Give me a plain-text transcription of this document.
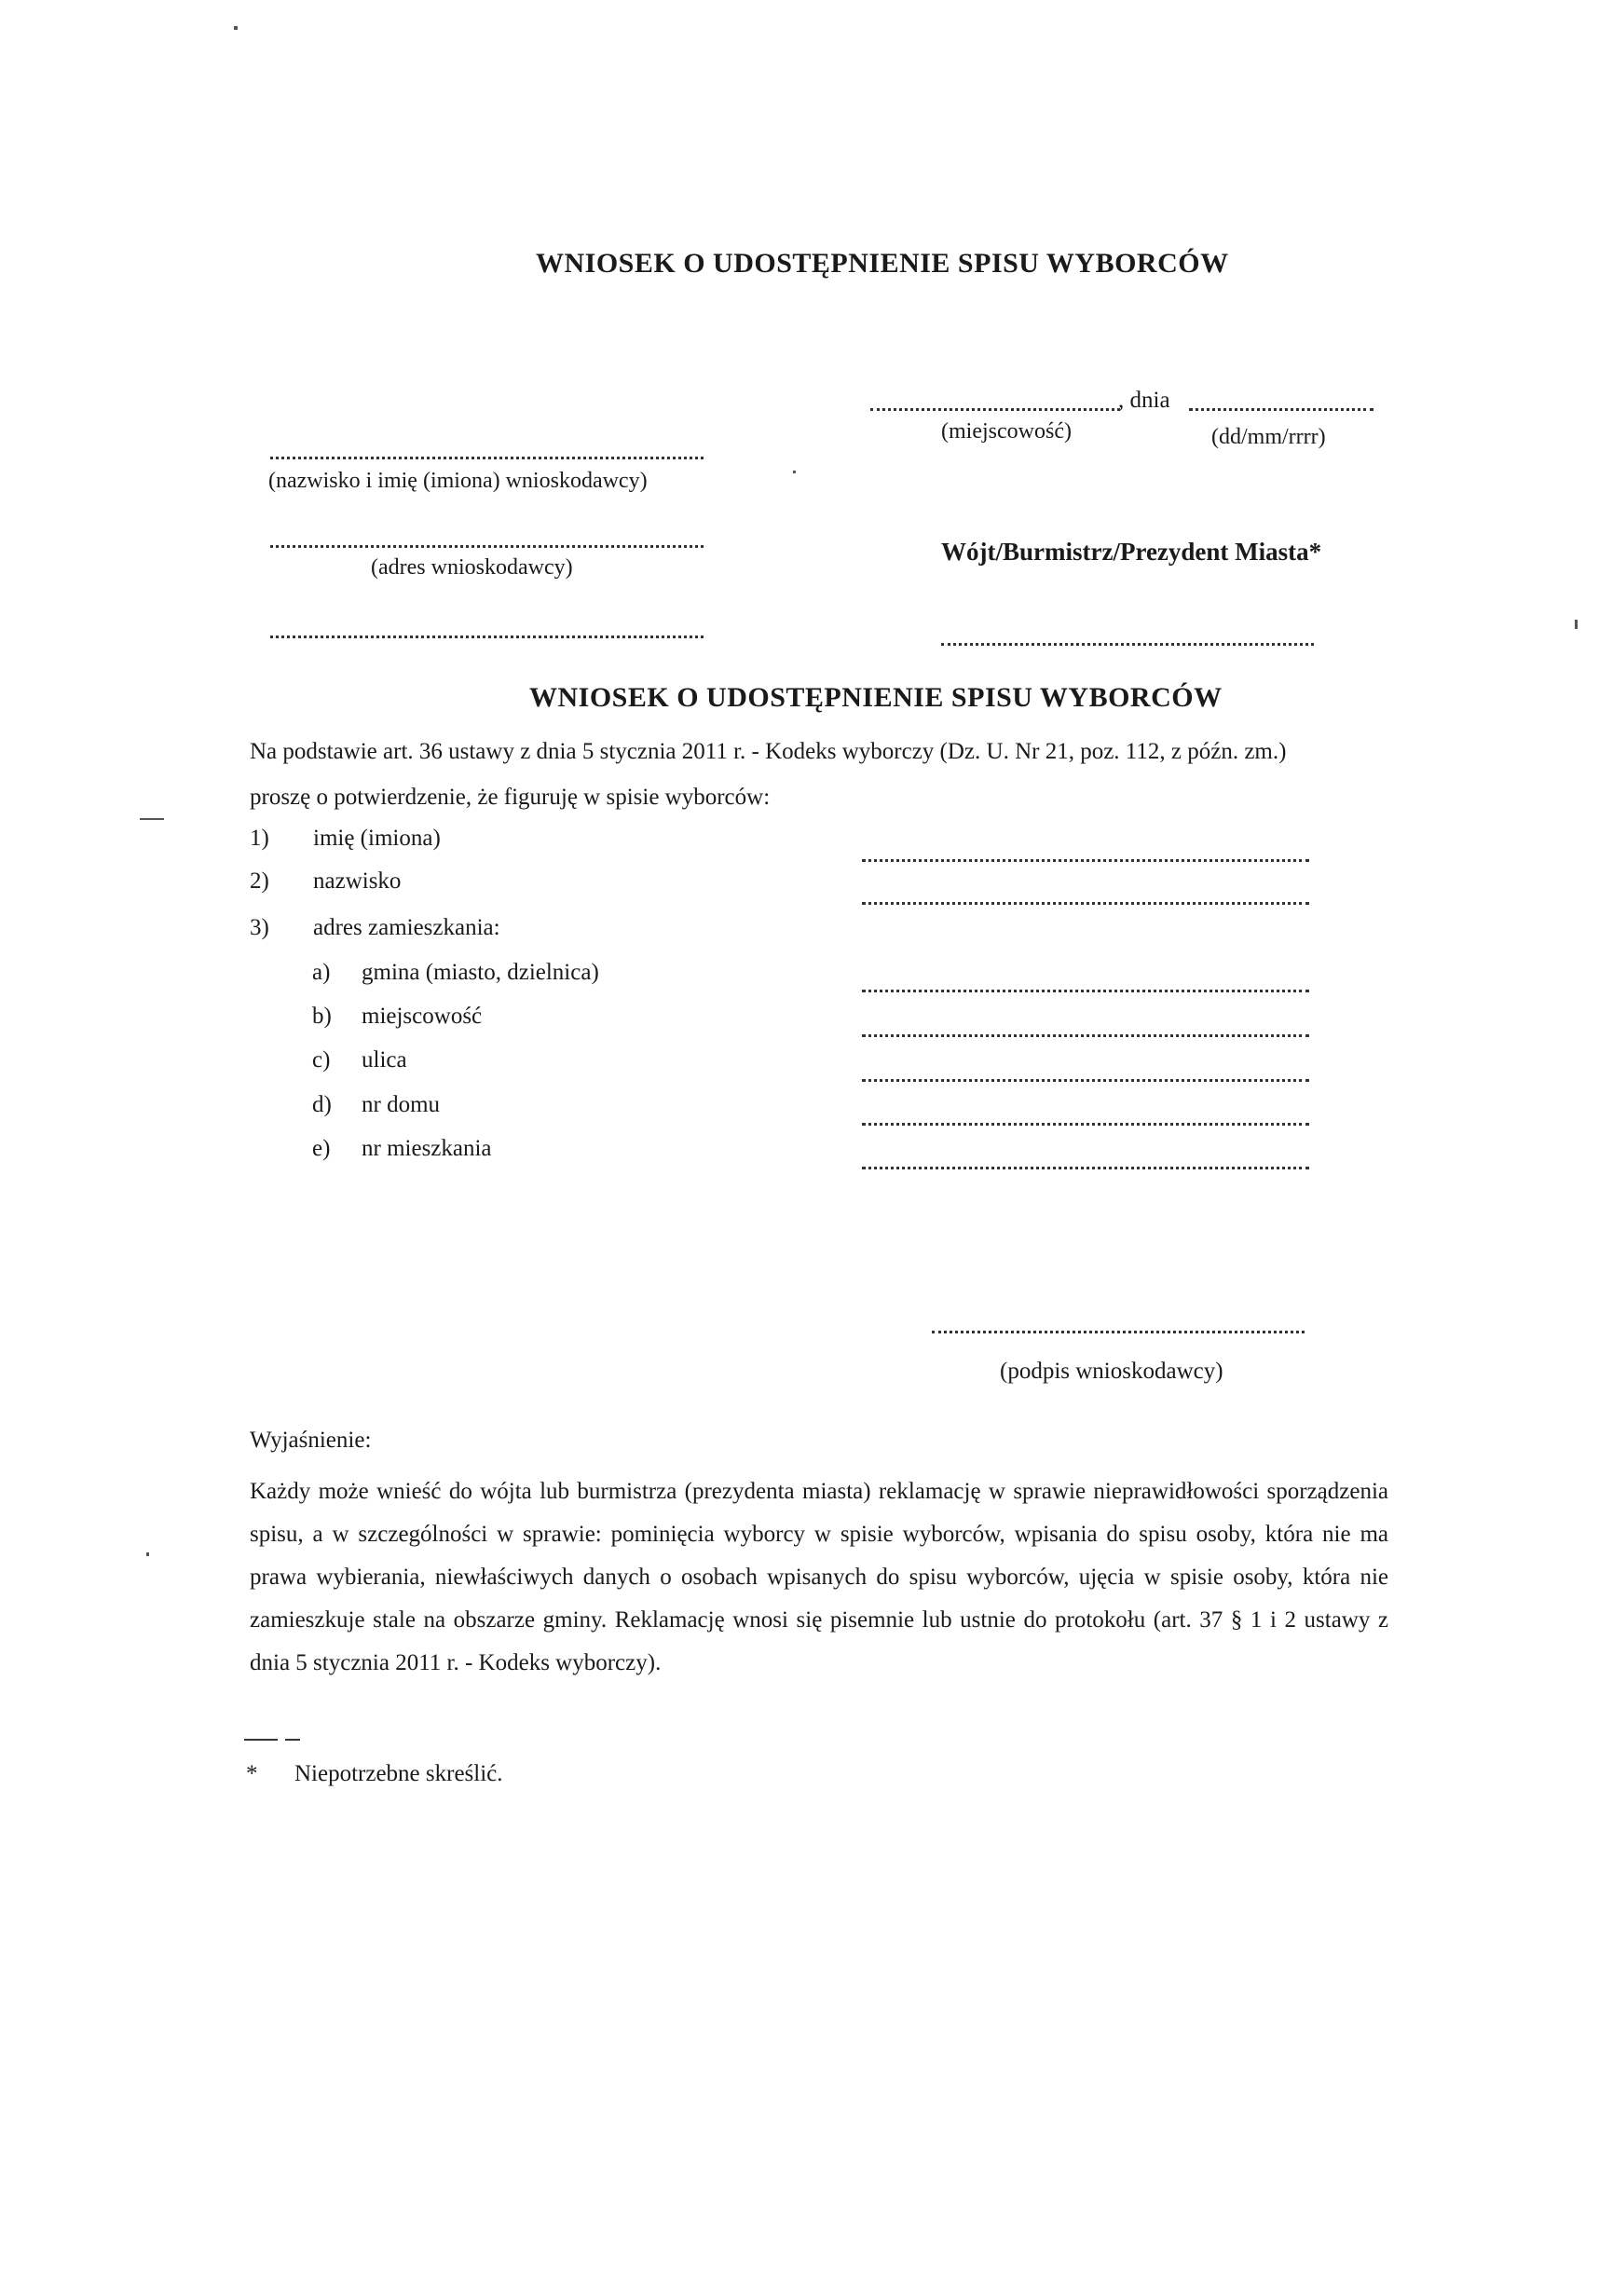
WNIOSEK O UDOSTĘPNIENIE SPISU WYBORCÓW
, dnia
(miejscowość)	(dd/mm/rrrr)
(nazwisko i imię (imiona) wnioskodawcy)
(adres wnioskodawcy)
Wójt/Burmistrz/Prezydent Miasta*
WNIOSEK O UDOSTĘPNIENIE SPISU WYBORCÓW
Na podstawie art. 36 ustawy z dnia 5 stycznia 2011 r. - Kodeks wyborczy (Dz. U. Nr 21, poz. 112, z późn. zm.)
proszę o potwierdzenie, że figuruję w spisie wyborców:
1) imię (imiona)
2) nazwisko
3) adres zamieszkania:
a) gmina (miasto, dzielnica)
b) miejscowość
c) ulica
d) nr domu
e) nr mieszkania
(podpis wnioskodawcy)
Wyjaśnienie:

Każdy może wnieść do wójta lub burmistrza (prezydenta miasta) reklamację w sprawie nieprawidłowości sporządzenia spisu, a w szczególności w sprawie: pominięcia wyborcy w spisie wyborców, wpisania do spisu osoby, która nie ma prawa wybierania, niewłaściwych danych o osobach wpisanych do spisu wyborców, ujęcia w spisie osoby, która nie zamieszkuje stale na obszarze gminy. Reklamację wnosi się pisemnie lub ustnie do protokołu (art. 37 § 1 i 2 ustawy z dnia 5 stycznia 2011 r. - Kodeks wyborczy).

* Niepotrzebne skreślić.
